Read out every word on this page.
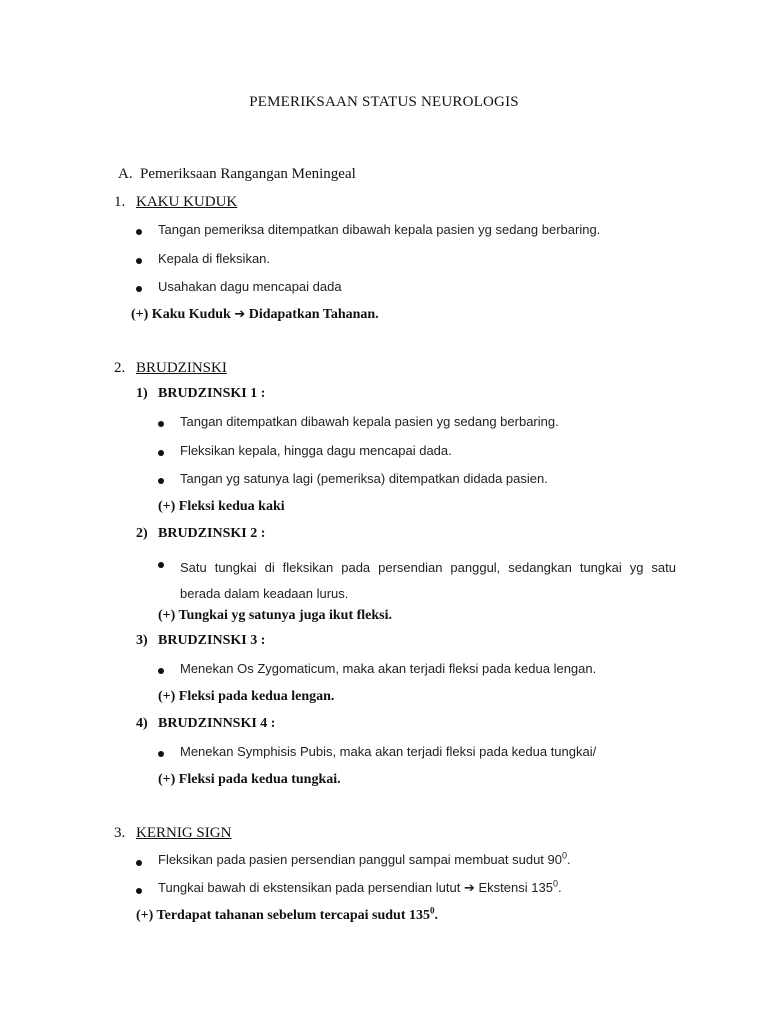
PEMERIKSAAN STATUS NEUROLOGIS
A. Pemeriksaan Rangangan Meningeal
1. KAKU KUDUK
Tangan pemeriksa ditempatkan dibawah kepala pasien yg sedang berbaring.
Kepala di fleksikan.
Usahakan dagu mencapai dada
(+) Kaku Kuduk ➔ Didapatkan Tahanan.
2. BRUDZINSKI
1) BRUDZINSKI 1 :
Tangan ditempatkan dibawah kepala pasien yg sedang berbaring.
Fleksikan kepala, hingga dagu mencapai dada.
Tangan yg satunya lagi (pemeriksa) ditempatkan didada pasien.
(+) Fleksi kedua kaki
2) BRUDZINSKI 2 :
Satu tungkai di fleksikan pada persendian panggul, sedangkan tungkai yg satu berada dalam keadaan lurus.
(+) Tungkai yg satunya juga ikut fleksi.
3) BRUDZINSKI 3 :
Menekan Os Zygomaticum, maka akan terjadi fleksi pada kedua lengan.
(+) Fleksi pada kedua lengan.
4) BRUDZINNSKI 4 :
Menekan Symphisis Pubis, maka akan terjadi fleksi pada kedua tungkai/
(+) Fleksi pada kedua tungkai.
3. KERNIG SIGN
Fleksikan pada pasien persendian panggul sampai membuat sudut $90^0$.
Tungkai bawah di ekstensikan pada persendian lutut ➔ Ekstensi $135^0$.
(+) Terdapat tahanan sebelum tercapai sudut $135^0$.
